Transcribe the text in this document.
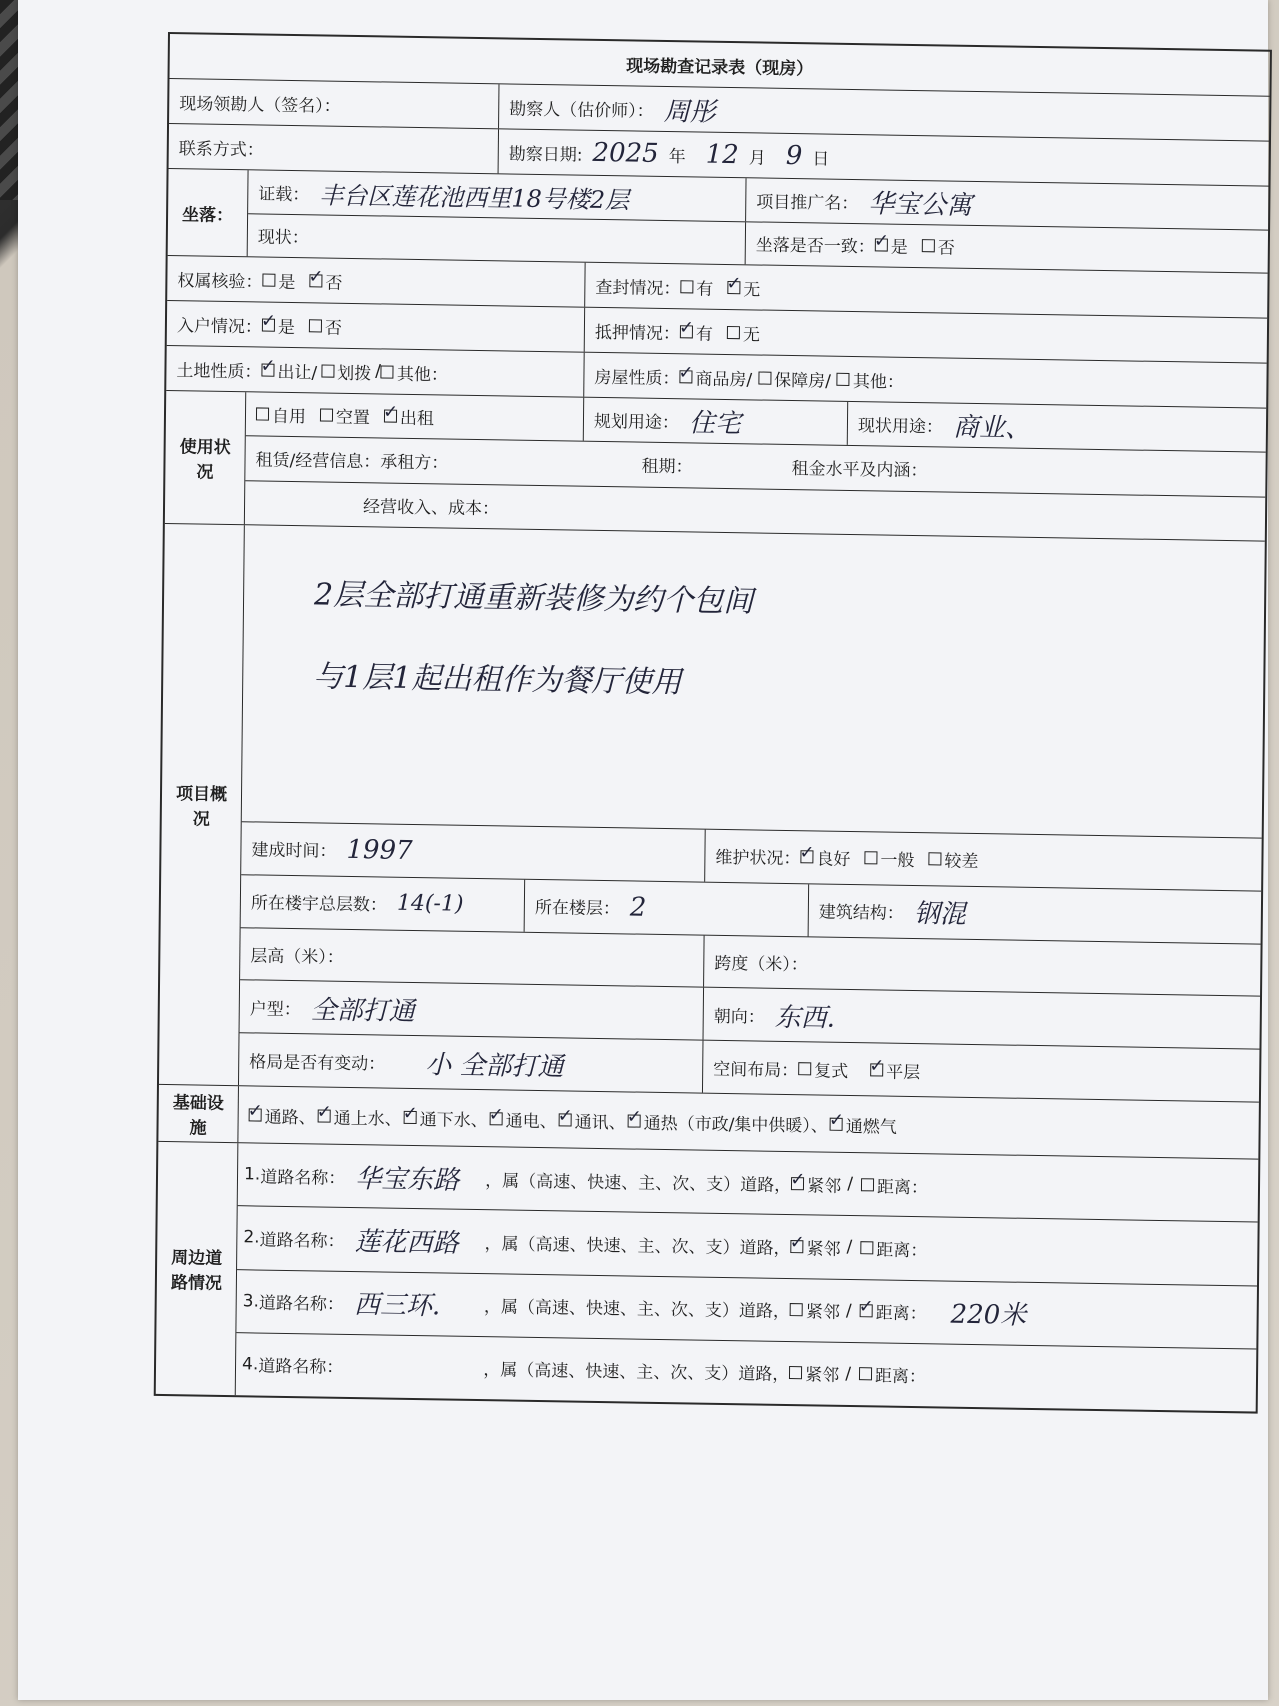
现场勘查记录表（现房）
现场领勘人（签名）：	勘察人（估价师）： 周彤
联系方式：	勘察日期: 2025 年 12 月 9 日
坐落：
证载： 丰台区莲花池西里18号楼2层	项目推广名： 华宝公寓
现状：	坐落是否一致： ✓ 是 否
权属核验： 是 ✓ 否	查封情况： 有 ✓ 无
入户情况： ✓ 是 否	抵押情况： ✓ 有 无
土地性质： ✓ 出让/ 划拨 / 其他：	房屋性质： ✓ 商品房/ 保障房/ 其他：
使用状况
自用 空置 ✓ 出租	规划用途： 住宅	现状用途： 商业、
租赁/经营信息：承租方：	租期：	租金水平及内涵：
经营收入、成本：
项目概况
2层全部打通重新装修为约个包间
与1层1起出租作为餐厅使用
建成时间： 1997	维护状况： ✓ 良好 一般 较差
所在楼宇总层数： 14(-1)	所在楼层： 2	建筑结构： 钢混
层高（米）：	跨度（米）：
户型： 全部打通	朝向： 东西.
格局是否有变动： 小 全部打通	空间布局： 复式 ✓ 平层
基础设施
✓
通路、 ✓ 通上水、 ✓ 通下水、 ✓ 通电、 ✓ 通讯、 ✓ 通热（市政/集中供暖）、 ✓ 通燃气
周边道路情况
1. 道路名称： 华宝东路	，属（高速、快速、主、次、支）道路， ✓ 紧邻 / 距离：
2. 道路名称： 莲花西路	，属（高速、快速、主、次、支）道路， ✓ 紧邻 / 距离：
3. 道路名称： 西三环.	，属（高速、快速、主、次、支）道路， 紧邻 / ✓ 距离： 220米
4. 道路名称：	，属（高速、快速、主、次、支）道路， 紧邻 / 距离：
